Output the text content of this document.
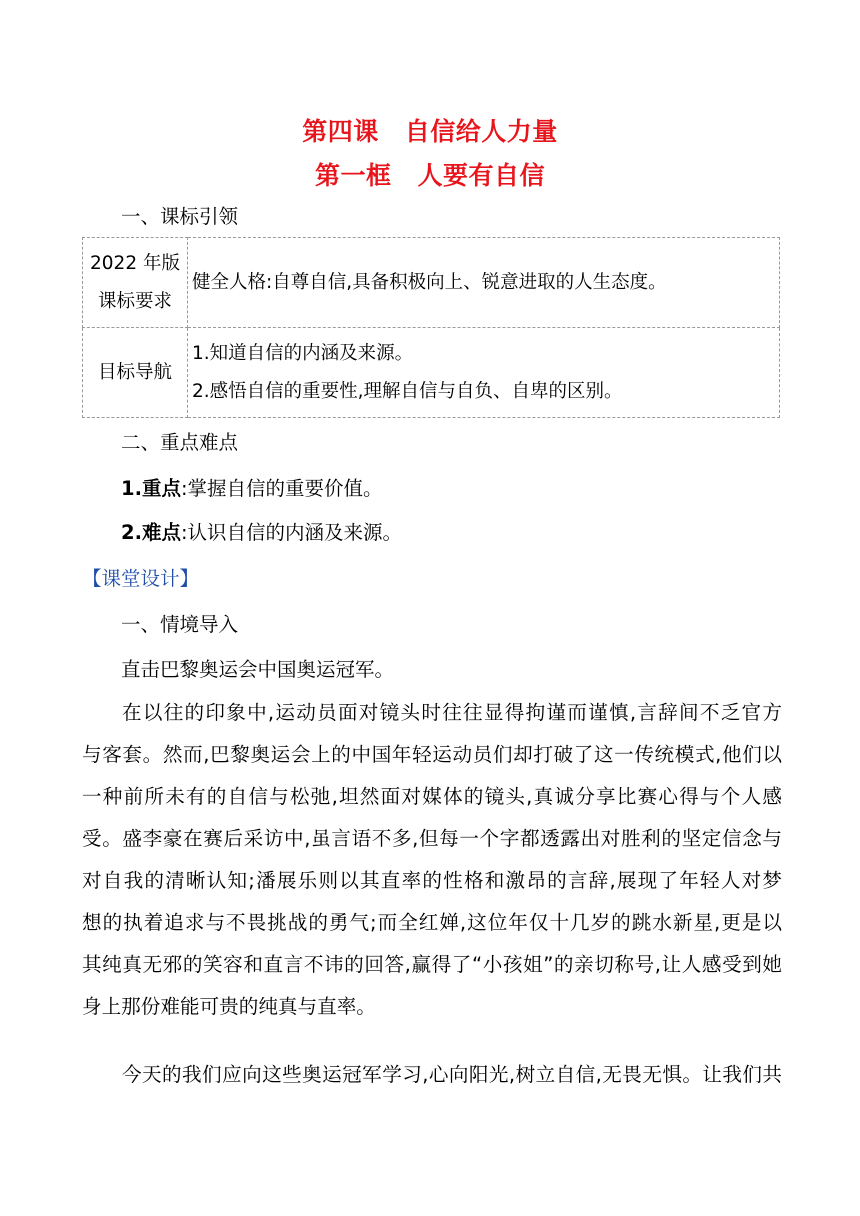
第四课 自信给人力量
第一框 人要有自信
一、课标引领
2022 年版
课标要求	健全人格:自尊自信,具备积极向上、锐意进取的人生态度。
目标导航	1.知道自信的内涵及来源。
2.感悟自信的重要性,理解自信与自负、自卑的区别。
二、重点难点
1.重点:掌握自信的重要价值。
2.难点:认识自信的内涵及来源。
【课堂设计】
一、情境导入
直击巴黎奥运会中国奥运冠军。
在以往的印象中,运动员面对镜头时往往显得拘谨而谨慎,言辞间不乏官方
与客套。然而,巴黎奥运会上的中国年轻运动员们却打破了这一传统模式,他们以
一种前所未有的自信与松弛,坦然面对媒体的镜头,真诚分享比赛心得与个人感
受。盛李豪在赛后采访中,虽言语不多,但每一个字都透露出对胜利的坚定信念与
对自我的清晰认知;潘展乐则以其直率的性格和激昂的言辞,展现了年轻人对梦
想的执着追求与不畏挑战的勇气;而全红婵,这位年仅十几岁的跳水新星,更是以
其纯真无邪的笑容和直言不讳的回答,赢得了“小孩姐”的亲切称号,让人感受到她
身上那份难能可贵的纯真与直率。
今天的我们应向这些奥运冠军学习,心向阳光,树立自信,无畏无惧。让我们共
